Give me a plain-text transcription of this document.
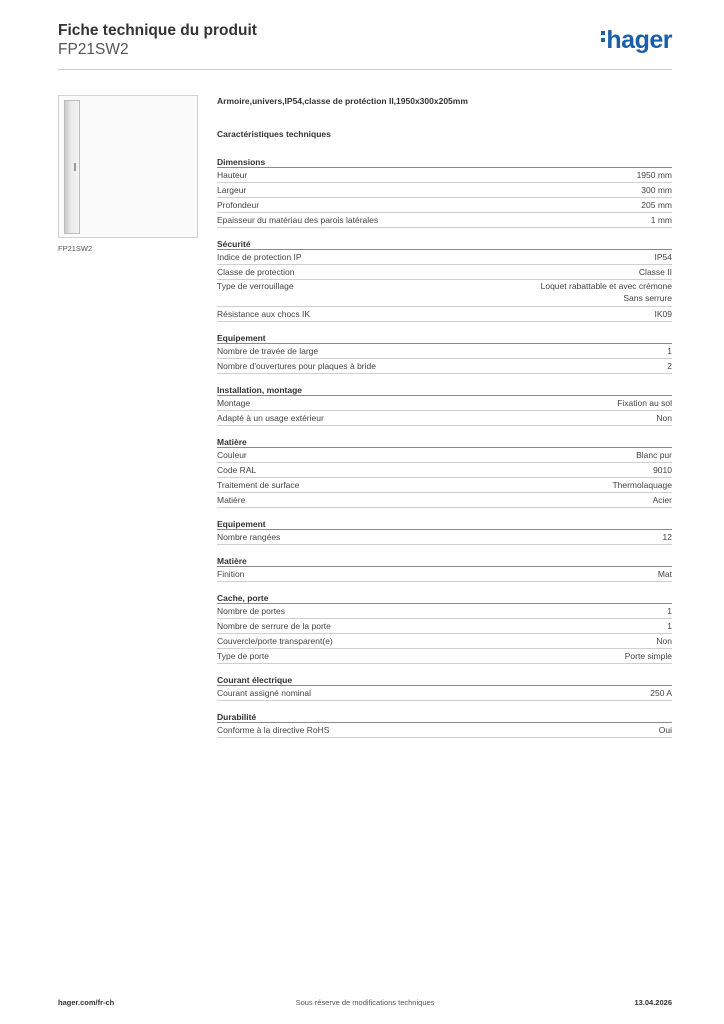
Fiche technique du produit
FP21SW2	hager
FP21SW2
Armoire,univers,IP54,classe de protéction II,1950x300x205mm
Caractéristiques techniques
Dimensions
Hauteur	1950 mm
Largeur	300 mm
Profondeur	205 mm
Epaisseur du matériau des parois latérales	1 mm
Sécurité
Indice de protection IP	IP54
Classe de protection	Classe II
Type de verrouillage	Loquet rabattable et avec crémone
Sans serrure
Résistance aux chocs IK	IK09
Equipement
Nombre de travée de large	1
Nombre d'ouvertures pour plaques à bride	2
Installation, montage
Montage	Fixation au sol
Adapté à un usage extérieur	Non
Matière
Couleur	Blanc pur
Code RAL	9010
Traitement de surface	Thermolaquage
Matière	Acier
Equipement
Nombre rangées	12
Matière
Finition	Mat
Cache, porte
Nombre de portes	1
Nombre de serrure de la porte	1
Couvercle/porte transparent(e)	Non
Type de porte	Porte simple
Courant électrique
Courant assigné nominal	250 A
Durabilité
Conforme à la directive RoHS	Oui
hager.com/fr-ch	Sous réserve de modifications techniques	13.04.2026
